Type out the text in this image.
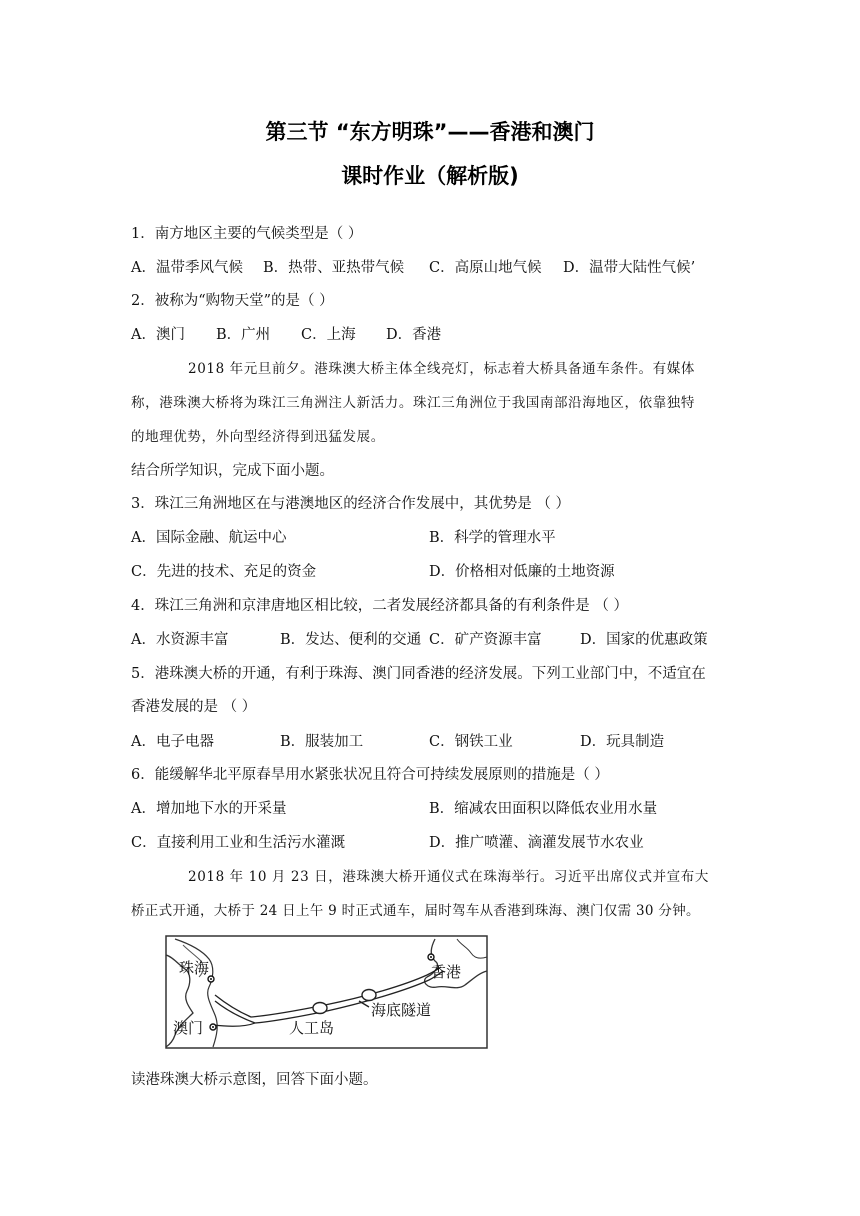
第三节 “东方明珠”——香港和澳门
课时作业（解析版)
1．南方地区主要的气候类型是（ ）
A．温带季风气候 B．热带、亚热带气候 C．高原山地气候 D．温带大陆性气候’
2．被称为“购物天堂”的是（ ）
A．澳门 B．广州 C．上海 D．香港
2018 年元旦前夕。港珠澳大桥主体全线亮灯，标志着大桥具备通车条件。有媒体
称，港珠澳大桥将为珠江三角洲注人新活力。珠江三角洲位于我国南部沿海地区，依靠独特
的地理优势，外向型经济得到迅猛发展。
结合所学知识，完成下面小题。
3．珠江三角洲地区在与港澳地区的经济合作发展中，其优势是 （ ）
A．国际金融、航运中心	B．科学的管理水平
C．先进的技术、充足的资金	D．价格相对低廉的土地资源
4．珠江三角洲和京津唐地区相比较，二者发展经济都具备的有利条件是 （ ）
A．水资源丰富	B．发达、便利的交通 C．矿产资源丰富	D．国家的优惠政策
5．港珠澳大桥的开通，有利于珠海、澳门同香港的经济发展。下列工业部门中，不适宜在
香港发展的是 （ ）
A．电子电器	B．服装加工	C．钢铁工业	D．玩具制造
6．能缓解华北平原春旱用水紧张状况且符合可持续发展原则的措施是（ ）
A．增加地下水的开采量	B．缩减农田面积以降低农业用水量
C．直接利用工业和生活污水灌溉	D．推广喷灌、滴灌发展节水农业
2018 年 10 月 23 日，港珠澳大桥开通仪式在珠海举行。习近平出席仪式并宣布大
桥正式开通，大桥于 24 日上午 9 时正式通车，届时驾车从香港到珠海、澳门仅需 30 分钟。
珠海
澳门
香港
人工岛
海底隧道
读港珠澳大桥示意图，回答下面小题。
